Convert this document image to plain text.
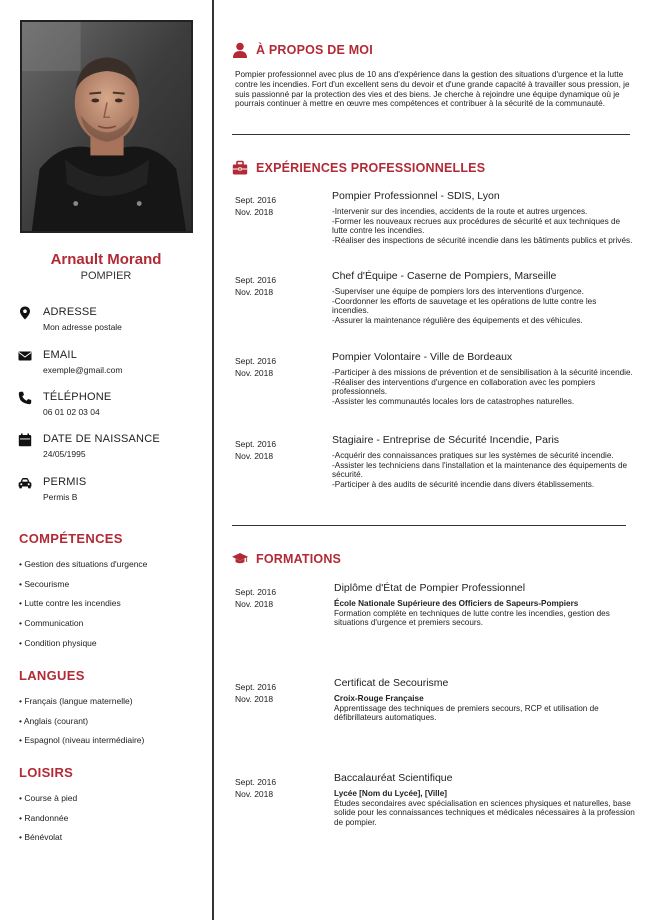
Arnault Morand
POMPIER
ADRESSE
Mon adresse postale
EMAIL
exemple@gmail.com
TÉLÉPHONE
06 01 02 03 04
DATE DE NAISSANCE
24/05/1995
PERMIS
Permis B
COMPÉTENCES
• Gestion des situations d'urgence
• Secourisme
• Lutte contre les incendies
• Communication
• Condition physique
LANGUES
• Français (langue maternelle)
• Anglais (courant)
• Espagnol (niveau intermédiaire)
LOISIRS
• Course à pied
• Randonnée
• Bénévolat
À PROPOS DE MOI
Pompier professionnel avec plus de 10 ans d'expérience dans la gestion des situations d'urgence et la lutte contre les incendies. Fort d'un excellent sens du devoir et d'une grande capacité à travailler sous pression, je suis passionné par la protection des vies et des biens. Je cherche à rejoindre une équipe dynamique où je pourrais continuer à mettre en œuvre mes compétences et contribuer à la sécurité de la communauté.
EXPÉRIENCES PROFESSIONNELLES
Sept. 2016
Nov. 2018
Pompier Professionnel - SDIS, Lyon
-Intervenir sur des incendies, accidents de la route et autres urgences.
-Former les nouveaux recrues aux procédures de sécurité et aux techniques de lutte contre les incendies.
-Réaliser des inspections de sécurité incendie dans les bâtiments publics et privés.
Sept. 2016
Nov. 2018
Chef d'Équipe - Caserne de Pompiers, Marseille
-Superviser une équipe de pompiers lors des interventions d'urgence.
-Coordonner les efforts de sauvetage et les opérations de lutte contre les incendies.
-Assurer la maintenance régulière des équipements et des véhicules.
Sept. 2016
Nov. 2018
Pompier Volontaire - Ville de Bordeaux
-Participer à des missions de prévention et de sensibilisation à la sécurité incendie.
-Réaliser des interventions d'urgence en collaboration avec les pompiers professionnels.
-Assister les communautés locales lors de catastrophes naturelles.
Sept. 2016
Nov. 2018
Stagiaire - Entreprise de Sécurité Incendie, Paris
-Acquérir des connaissances pratiques sur les systèmes de sécurité incendie.
-Assister les techniciens dans l'installation et la maintenance des équipements de sécurité.
-Participer à des audits de sécurité incendie dans divers établissements.
FORMATIONS
Sept. 2016
Nov. 2018
Diplôme d'État de Pompier Professionnel
École Nationale Supérieure des Officiers de Sapeurs-Pompiers
Formation complète en techniques de lutte contre les incendies, gestion des situations d'urgence et premiers secours.
Sept. 2016
Nov. 2018
Certificat de Secourisme
Croix-Rouge Française
Apprentissage des techniques de premiers secours, RCP et utilisation de défibrillateurs automatiques.
Sept. 2016
Nov. 2018
Baccalauréat Scientifique
Lycée [Nom du Lycée], [Ville]
Études secondaires avec spécialisation en sciences physiques et naturelles, base solide pour les connaissances techniques et médicales nécessaires à la profession de pompier.
